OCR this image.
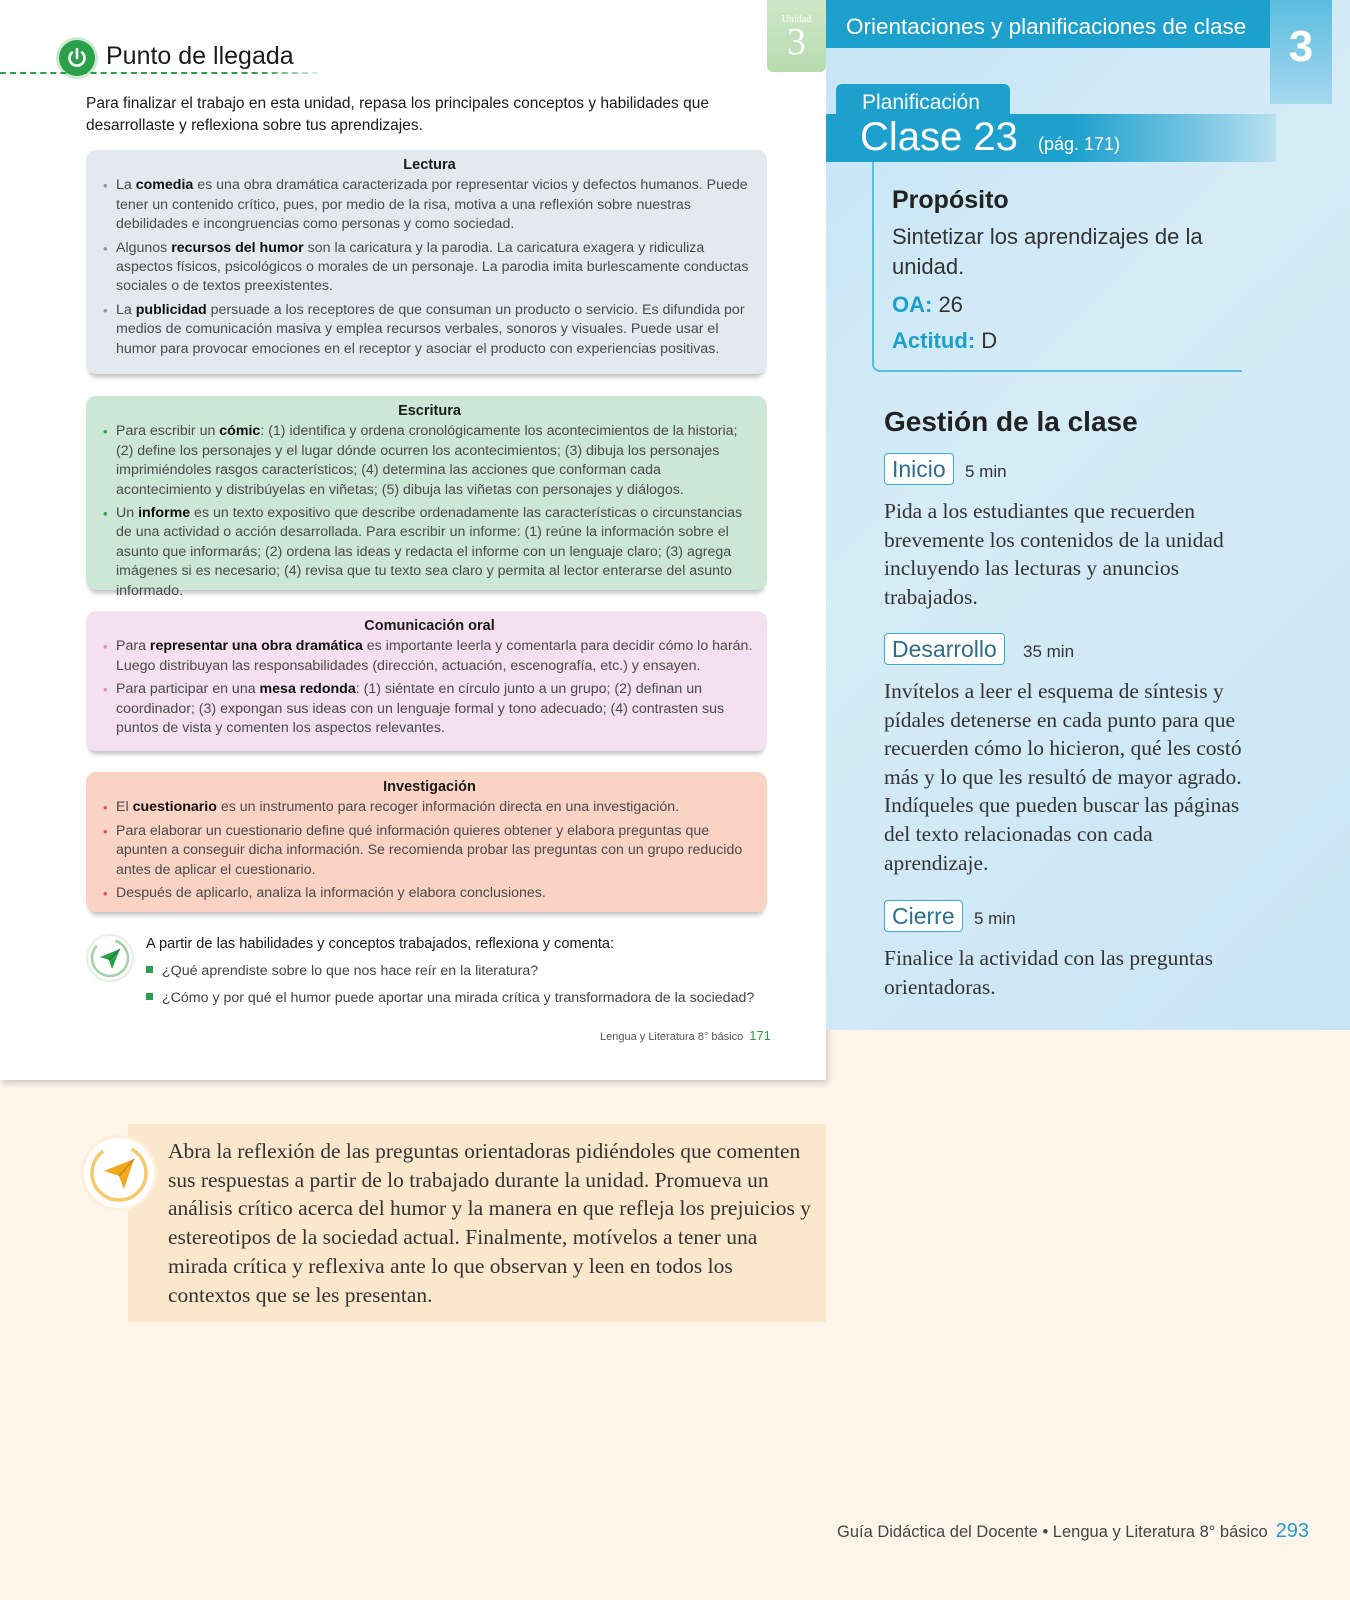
Unidad
3
Punto de llegada
Para finalizar el trabajo en esta unidad, repasa los principales conceptos y habilidades que desarrollaste y reflexiona sobre tus aprendizajes.
Lectura
• La comedia es una obra dramática caracterizada por representar vicios y defectos humanos. Puede tener un contenido crítico, pues, por medio de la risa, motiva a una reflexión sobre nuestras debilidades e incongruencias como personas y como sociedad.
• Algunos recursos del humor son la caricatura y la parodia. La caricatura exagera y ridiculiza aspectos físicos, psicológicos o morales de un personaje. La parodia imita burlescamente conductas sociales o de textos preexistentes.
• La publicidad persuade a los receptores de que consuman un producto o servicio. Es difundida por medios de comunicación masiva y emplea recursos verbales, sonoros y visuales. Puede usar el humor para provocar emociones en el receptor y asociar el producto con experiencias positivas.
Escritura
• Para escribir un cómic: (1) identifica y ordena cronológicamente los acontecimientos de la historia; (2) define los personajes y el lugar dónde ocurren los acontecimientos; (3) dibuja los personajes imprimiéndoles rasgos característicos; (4) determina las acciones que conforman cada acontecimiento y distribúyelas en viñetas; (5) dibuja las viñetas con personajes y diálogos.
• Un informe es un texto expositivo que describe ordenadamente las características o circunstancias de una actividad o acción desarrollada. Para escribir un informe: (1) reúne la información sobre el asunto que informarás; (2) ordena las ideas y redacta el informe con un lenguaje claro; (3) agrega imágenes si es necesario; (4) revisa que tu texto sea claro y permita al lector enterarse del asunto informado.
Comunicación oral
• Para representar una obra dramática es importante leerla y comentarla para decidir cómo lo harán. Luego distribuyan las responsabilidades (dirección, actuación, escenografía, etc.) y ensayen.
• Para participar en una mesa redonda: (1) siéntate en círculo junto a un grupo; (2) definan un coordinador; (3) expongan sus ideas con un lenguaje formal y tono adecuado; (4) contrasten sus puntos de vista y comenten los aspectos relevantes.
Investigación
• El cuestionario es un instrumento para recoger información directa en una investigación.
• Para elaborar un cuestionario define qué información quieres obtener y elabora preguntas que apunten a conseguir dicha información. Se recomienda probar las preguntas con un grupo reducido antes de aplicar el cuestionario.
• Después de aplicarlo, analiza la información y elabora conclusiones.
A partir de las habilidades y conceptos trabajados, reflexiona y comenta:
¿Qué aprendiste sobre lo que nos hace reír en la literatura?
¿Cómo y por qué el humor puede aportar una mirada crítica y transformadora de la sociedad?
Lengua y Literatura 8° básico 171
Orientaciones y planificaciones de clase 3
Planificación
Clase 23 (pág. 171)
Propósito
Sintetizar los aprendizajes de la unidad.
OA: 26
Actitud: D
Gestión de la clase
Inicio	5 min
Pida a los estudiantes que recuerden brevemente los contenidos de la unidad incluyendo las lecturas y anuncios trabajados.
Desarrollo	35 min
Invítelos a leer el esquema de síntesis y pídales detenerse en cada punto para que recuerden cómo lo hicieron, qué les costó más y lo que les resultó de mayor agrado. Indíqueles que pueden buscar las páginas del texto relacionadas con cada aprendizaje.
Cierre	5 min
Finalice la actividad con las preguntas orientadoras.
Abra la reflexión de las preguntas orientadoras pidiéndoles que comenten sus respuestas a partir de lo trabajado durante la unidad. Promueva un análisis crítico acerca del humor y la manera en que refleja los prejuicios y estereotipos de la sociedad actual. Finalmente, motívelos a tener una mirada crítica y reflexiva ante lo que observan y leen en todos los contextos que se les presentan.
Guía Didáctica del Docente • Lengua y Literatura 8° básico 293
